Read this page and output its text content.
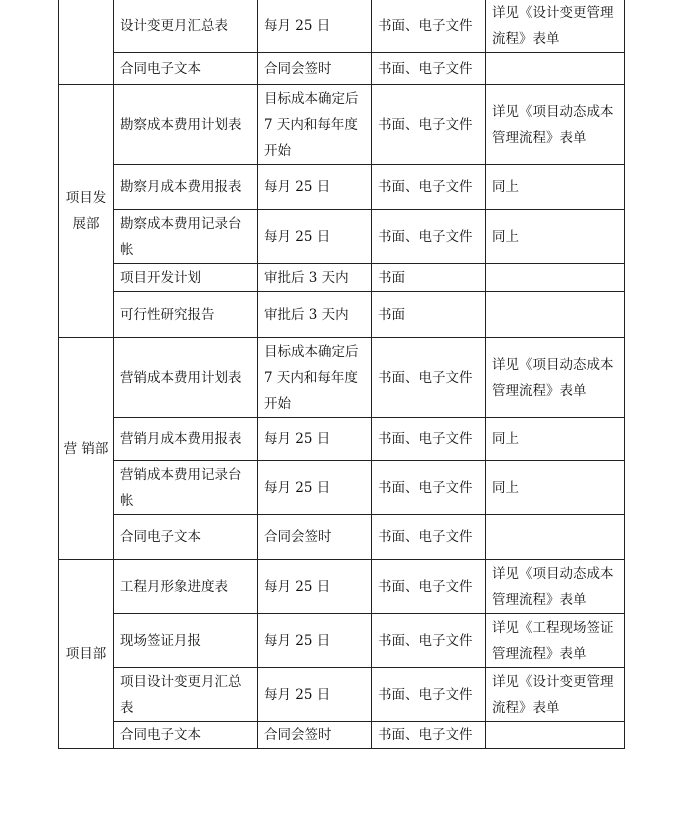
	设计变更月汇总表	每月 25 日	书面、电子文件	详见《设计变更管理流程》表单
	合同电子文本	合同会签时	书面、电子文件	
项目发展部	勘察成本费用计划表	目标成本确定后 7 天内和每年度开始	书面、电子文件	详见《项目动态成本管理流程》表单
	勘察月成本费用报表	每月 25 日	书面、电子文件	同上
	勘察成本费用记录台帐	每月 25 日	书面、电子文件	同上
	项目开发计划	审批后 3 天内	书面	
	可行性研究报告	审批后 3 天内	书面	
营 销部	营销成本费用计划表	目标成本确定后 7 天内和每年度开始	书面、电子文件	详见《项目动态成本管理流程》表单
	营销月成本费用报表	每月 25 日	书面、电子文件	同上
	营销成本费用记录台帐	每月 25 日	书面、电子文件	同上
	合同电子文本	合同会签时	书面、电子文件	
项目部	工程月形象进度表	每月 25 日	书面、电子文件	详见《项目动态成本管理流程》表单
	现场签证月报	每月 25 日	书面、电子文件	详见《工程现场签证管理流程》表单
	项目设计变更月汇总表	每月 25 日	书面、电子文件	详见《设计变更管理流程》表单
	合同电子文本	合同会签时	书面、电子文件	
